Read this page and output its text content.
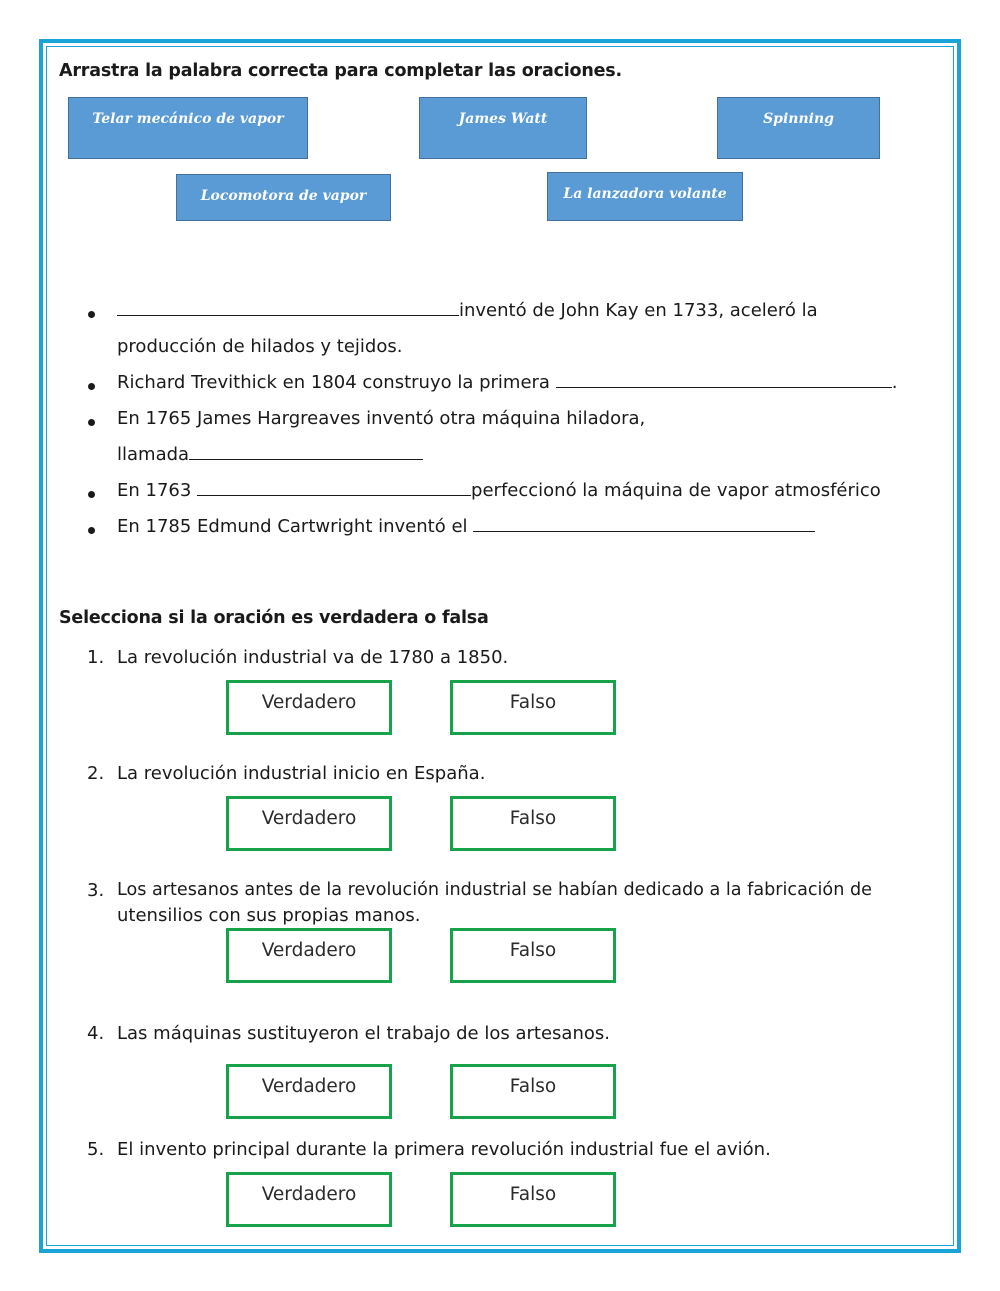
Arrastra la palabra correcta para completar las oraciones.
Telar mecánico de vapor	James Watt	Spinning
Locomotora de vapor	La lanzadora volante
inventó de John Kay en 1733, aceleró la
producción de hilados y tejidos.
Richard Trevithick en 1804 construyo la primera	.
En 1765 James Hargreaves inventó otra máquina hiladora,
llamada
En 1763	perfeccionó la máquina de vapor atmosférico
En 1785 Edmund Cartwright inventó el
Selecciona si la oración es verdadera o falsa
1. La revolución industrial va de 1780 a 1850.
Verdadero	Falso
2. La revolución industrial inicio en España.
Verdadero	Falso
3. Los artesanos antes de la revolución industrial se habían dedicado a la fabricación de
utensilios con sus propias manos.
Verdadero	Falso
4. Las máquinas sustituyeron el trabajo de los artesanos.
Verdadero	Falso
5. El invento principal durante la primera revolución industrial fue el avión.
Verdadero	Falso
